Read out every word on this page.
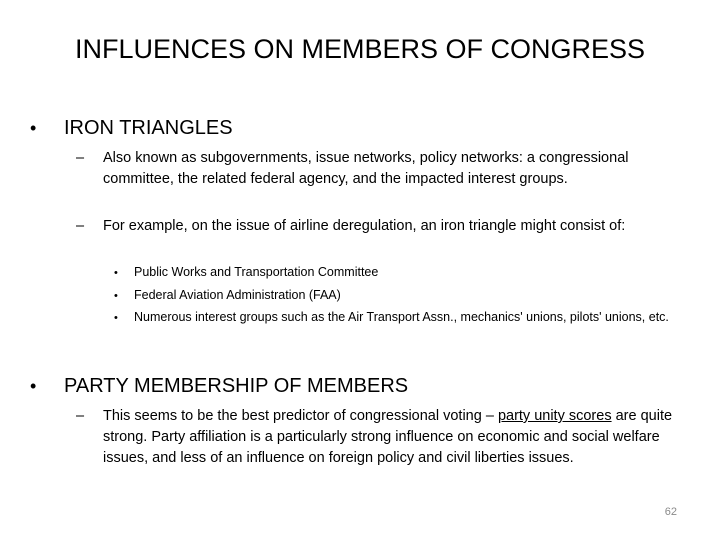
INFLUENCES ON MEMBERS OF CONGRESS
• IRON TRIANGLES
– Also known as subgovernments, issue networks, policy networks: a congressional committee, the related federal agency, and the impacted interest groups.
– For example, on the issue of airline deregulation, an iron triangle might consist of:
• Public Works and Transportation Committee
• Federal Aviation Administration (FAA)
• Numerous interest groups such as the Air Transport Assn., mechanics' unions, pilots' unions, etc.
• PARTY MEMBERSHIP OF MEMBERS
– This seems to be the best predictor of congressional voting – party unity scores are quite strong. Party affiliation is a particularly strong influence on economic and social welfare issues, and less of an influence on foreign policy and civil liberties issues.
62
